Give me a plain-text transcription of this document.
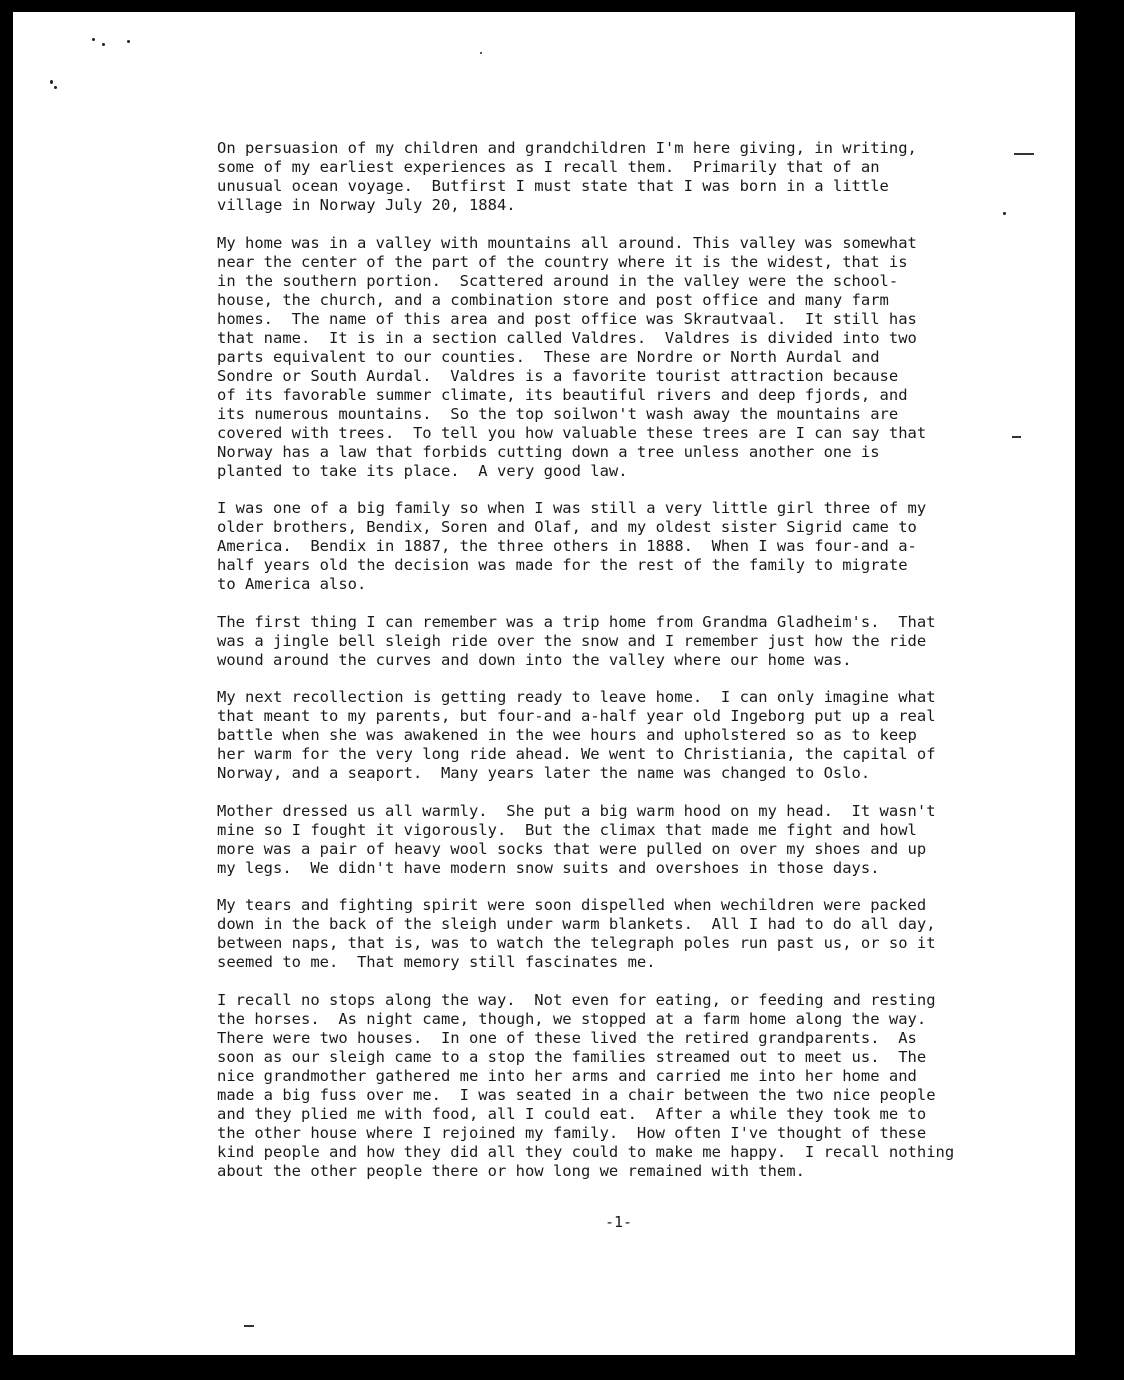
On persuasion of my children and grandchildren I'm here giving, in writing,
some of my earliest experiences as I recall them.  Primarily that of an
unusual ocean voyage.  Butfirst I must state that I was born in a little
village in Norway July 20, 1884.
My home was in a valley with mountains all around. This valley was somewhat
near the center of the part of the country where it is the widest, that is
in the southern portion.  Scattered around in the valley were the school-
house, the church, and a combination store and post office and many farm
homes.  The name of this area and post office was Skrautvaal.  It still has
that name.  It is in a section called Valdres.  Valdres is divided into two
parts equivalent to our counties.  These are Nordre or North Aurdal and
Sondre or South Aurdal.  Valdres is a favorite tourist attraction because
of its favorable summer climate, its beautiful rivers and deep fjords, and
its numerous mountains.  So the top soilwon't wash away the mountains are
covered with trees.  To tell you how valuable these trees are I can say that
Norway has a law that forbids cutting down a tree unless another one is
planted to take its place.  A very good law.
I was one of a big family so when I was still a very little girl three of my
older brothers, Bendix, Soren and Olaf, and my oldest sister Sigrid came to
America.  Bendix in 1887, the three others in 1888.  When I was four-and a-
half years old the decision was made for the rest of the family to migrate
to America also.
The first thing I can remember was a trip home from Grandma Gladheim's.  That
was a jingle bell sleigh ride over the snow and I remember just how the ride
wound around the curves and down into the valley where our home was.
My next recollection is getting ready to leave home.  I can only imagine what
that meant to my parents, but four-and a-half year old Ingeborg put up a real
battle when she was awakened in the wee hours and upholstered so as to keep
her warm for the very long ride ahead. We went to Christiania, the capital of
Norway, and a seaport.  Many years later the name was changed to Oslo.
Mother dressed us all warmly.  She put a big warm hood on my head.  It wasn't
mine so I fought it vigorously.  But the climax that made me fight and howl
more was a pair of heavy wool socks that were pulled on over my shoes and up
my legs.  We didn't have modern snow suits and overshoes in those days.
My tears and fighting spirit were soon dispelled when wechildren were packed
down in the back of the sleigh under warm blankets.  All I had to do all day,
between naps, that is, was to watch the telegraph poles run past us, or so it
seemed to me.  That memory still fascinates me.
I recall no stops along the way.  Not even for eating, or feeding and resting
the horses.  As night came, though, we stopped at a farm home along the way.
There were two houses.  In one of these lived the retired grandparents.  As
soon as our sleigh came to a stop the families streamed out to meet us.  The
nice grandmother gathered me into her arms and carried me into her home and
made a big fuss over me.  I was seated in a chair between the two nice people
and they plied me with food, all I could eat.  After a while they took me to
the other house where I rejoined my family.  How often I've thought of these
kind people and how they did all they could to make me happy.  I recall nothing
about the other people there or how long we remained with them.
-1-
